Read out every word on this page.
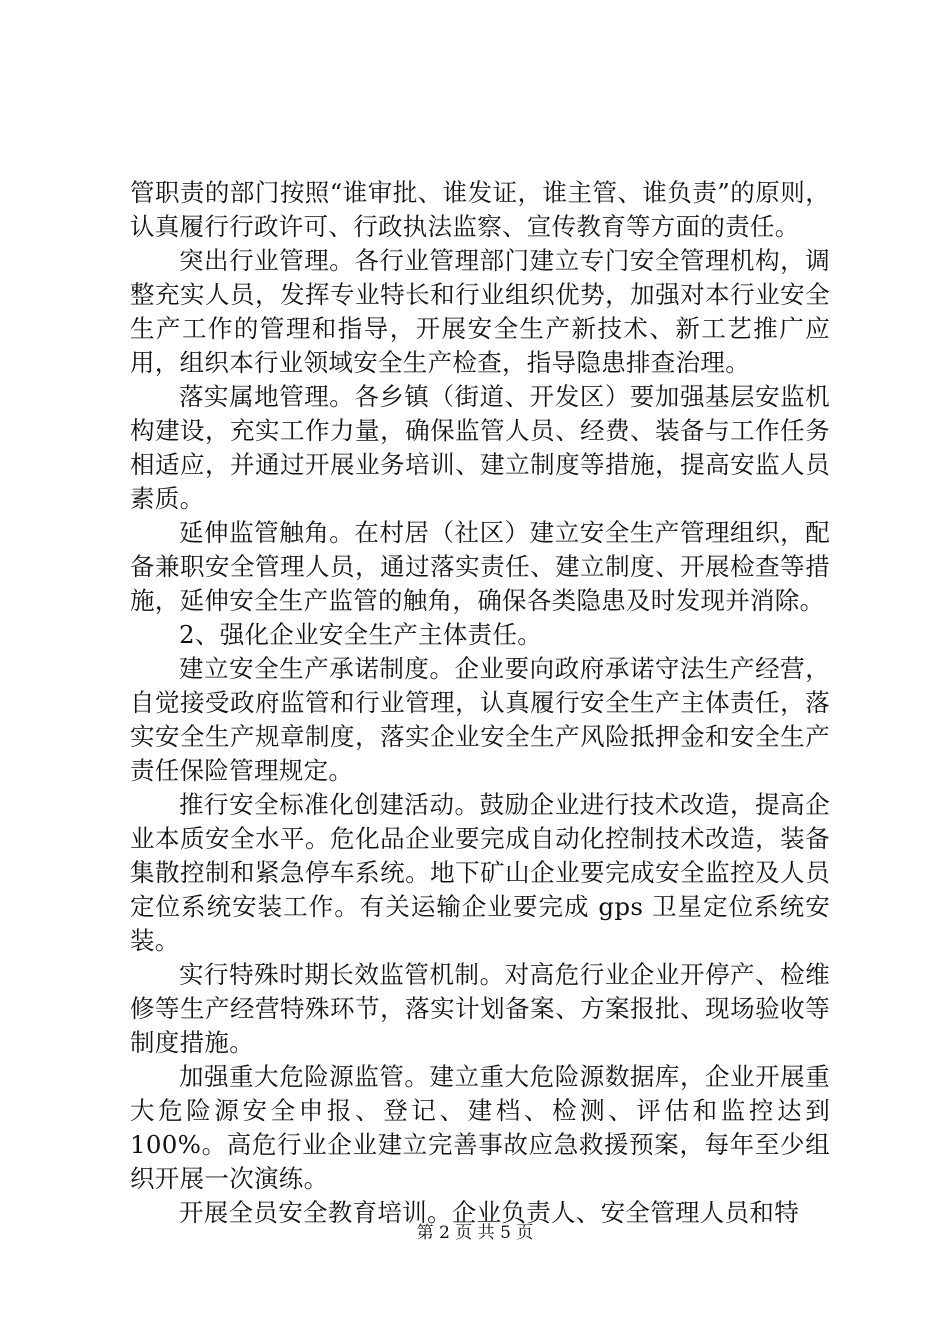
管职责的部门按照“谁审批、谁发证，谁主管、谁负责”的原则，认真履行行政许可、行政执法监察、宣传教育等方面的责任。

突出行业管理。各行业管理部门建立专门安全管理机构，调整充实人员，发挥专业特长和行业组织优势，加强对本行业安全生产工作的管理和指导，开展安全生产新技术、新工艺推广应用，组织本行业领域安全生产检查，指导隐患排查治理。

落实属地管理。各乡镇（街道、开发区）要加强基层安监机构建设，充实工作力量，确保监管人员、经费、装备与工作任务相适应，并通过开展业务培训、建立制度等措施，提高安监人员素质。

延伸监管触角。在村居（社区）建立安全生产管理组织，配备兼职安全管理人员，通过落实责任、建立制度、开展检查等措施，延伸安全生产监管的触角，确保各类隐患及时发现并消除。

2、强化企业安全生产主体责任。

建立安全生产承诺制度。企业要向政府承诺守法生产经营，自觉接受政府监管和行业管理，认真履行安全生产主体责任，落实安全生产规章制度，落实企业安全生产风险抵押金和安全生产责任保险管理规定。

推行安全标准化创建活动。鼓励企业进行技术改造，提高企业本质安全水平。危化品企业要完成自动化控制技术改造，装备集散控制和紧急停车系统。地下矿山企业要完成安全监控及人员定位系统安装工作。有关运输企业要完成 gps 卫星定位系统安装。

实行特殊时期长效监管机制。对高危行业企业开停产、检维修等生产经营特殊环节，落实计划备案、方案报批、现场验收等制度措施。

加强重大危险源监管。建立重大危险源数据库，企业开展重大危险源安全申报、登记、建档、检测、评估和监控达到100%。高危行业企业建立完善事故应急救援预案，每年至少组织开展一次演练。

开展全员安全教育培训。企业负责人、安全管理人员和特

第 2 页 共 5 页
